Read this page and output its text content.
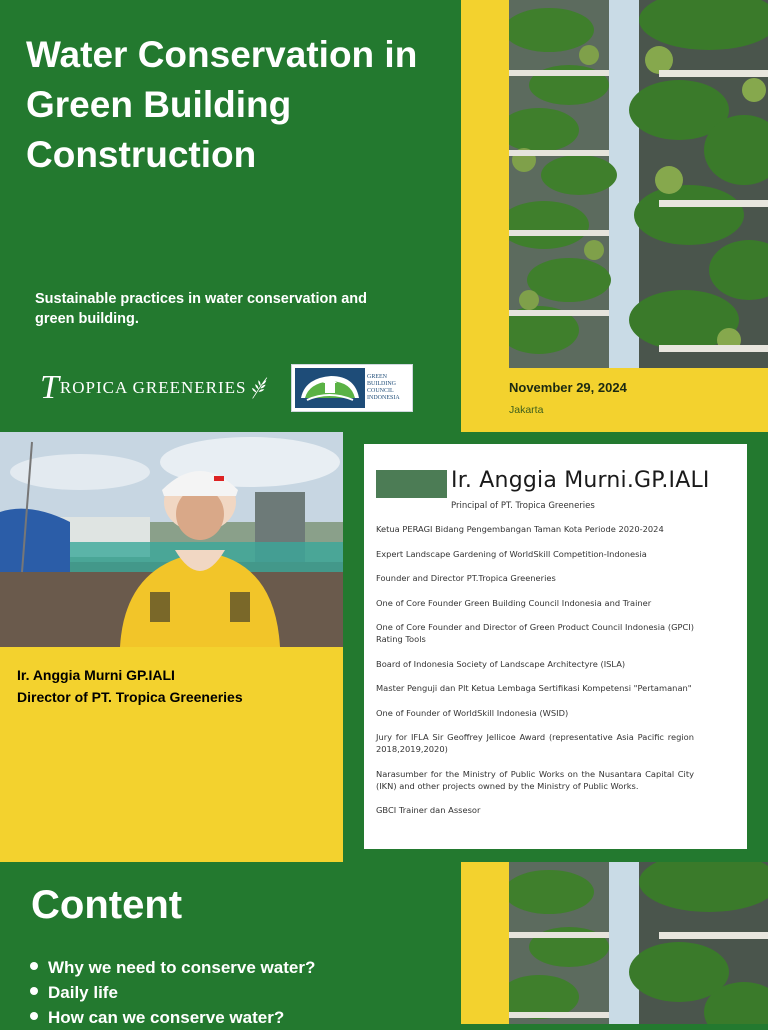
Water Conservation in Green Building Construction
Sustainable practices in water conservation and green building.
T ROPICA GREENERIES
GREEN
BUILDING
COUNCIL
INDONESIA
November 29, 2024
Jakarta
Ir. Anggia Murni GP.IALI
Director of PT. Tropica Greeneries
Ir. Anggia Murni.GP.IALI
Principal of PT. Tropica Greeneries
Ketua PERAGI Bidang Pengembangan Taman Kota Periode 2020-2024
Expert Landscape Gardening of WorldSkill Competition-Indonesia
Founder and Director PT.Tropica Greeneries
One of Core Founder Green Building Council Indonesia and Trainer
One of Core Founder and Director of Green Product Council Indonesia (GPCI) Rating Tools
Board of Indonesia Society of Landscape Architectyre (ISLA)
Master Penguji dan Plt Ketua Lembaga Sertifikasi Kompetensi "Pertamanan"
One of Founder of WorldSkill Indonesia (WSID)
Jury for IFLA Sir Geoffrey Jellicoe Award (representative Asia Pacific region 2018,2019,2020)
Narasumber for the Ministry of Public Works on the Nusantara Capital City (IKN) and other projects owned by the Ministry of Public Works.
GBCI Trainer dan Assesor
Content
Why we need to conserve water?
Daily life
How can we conserve water?
